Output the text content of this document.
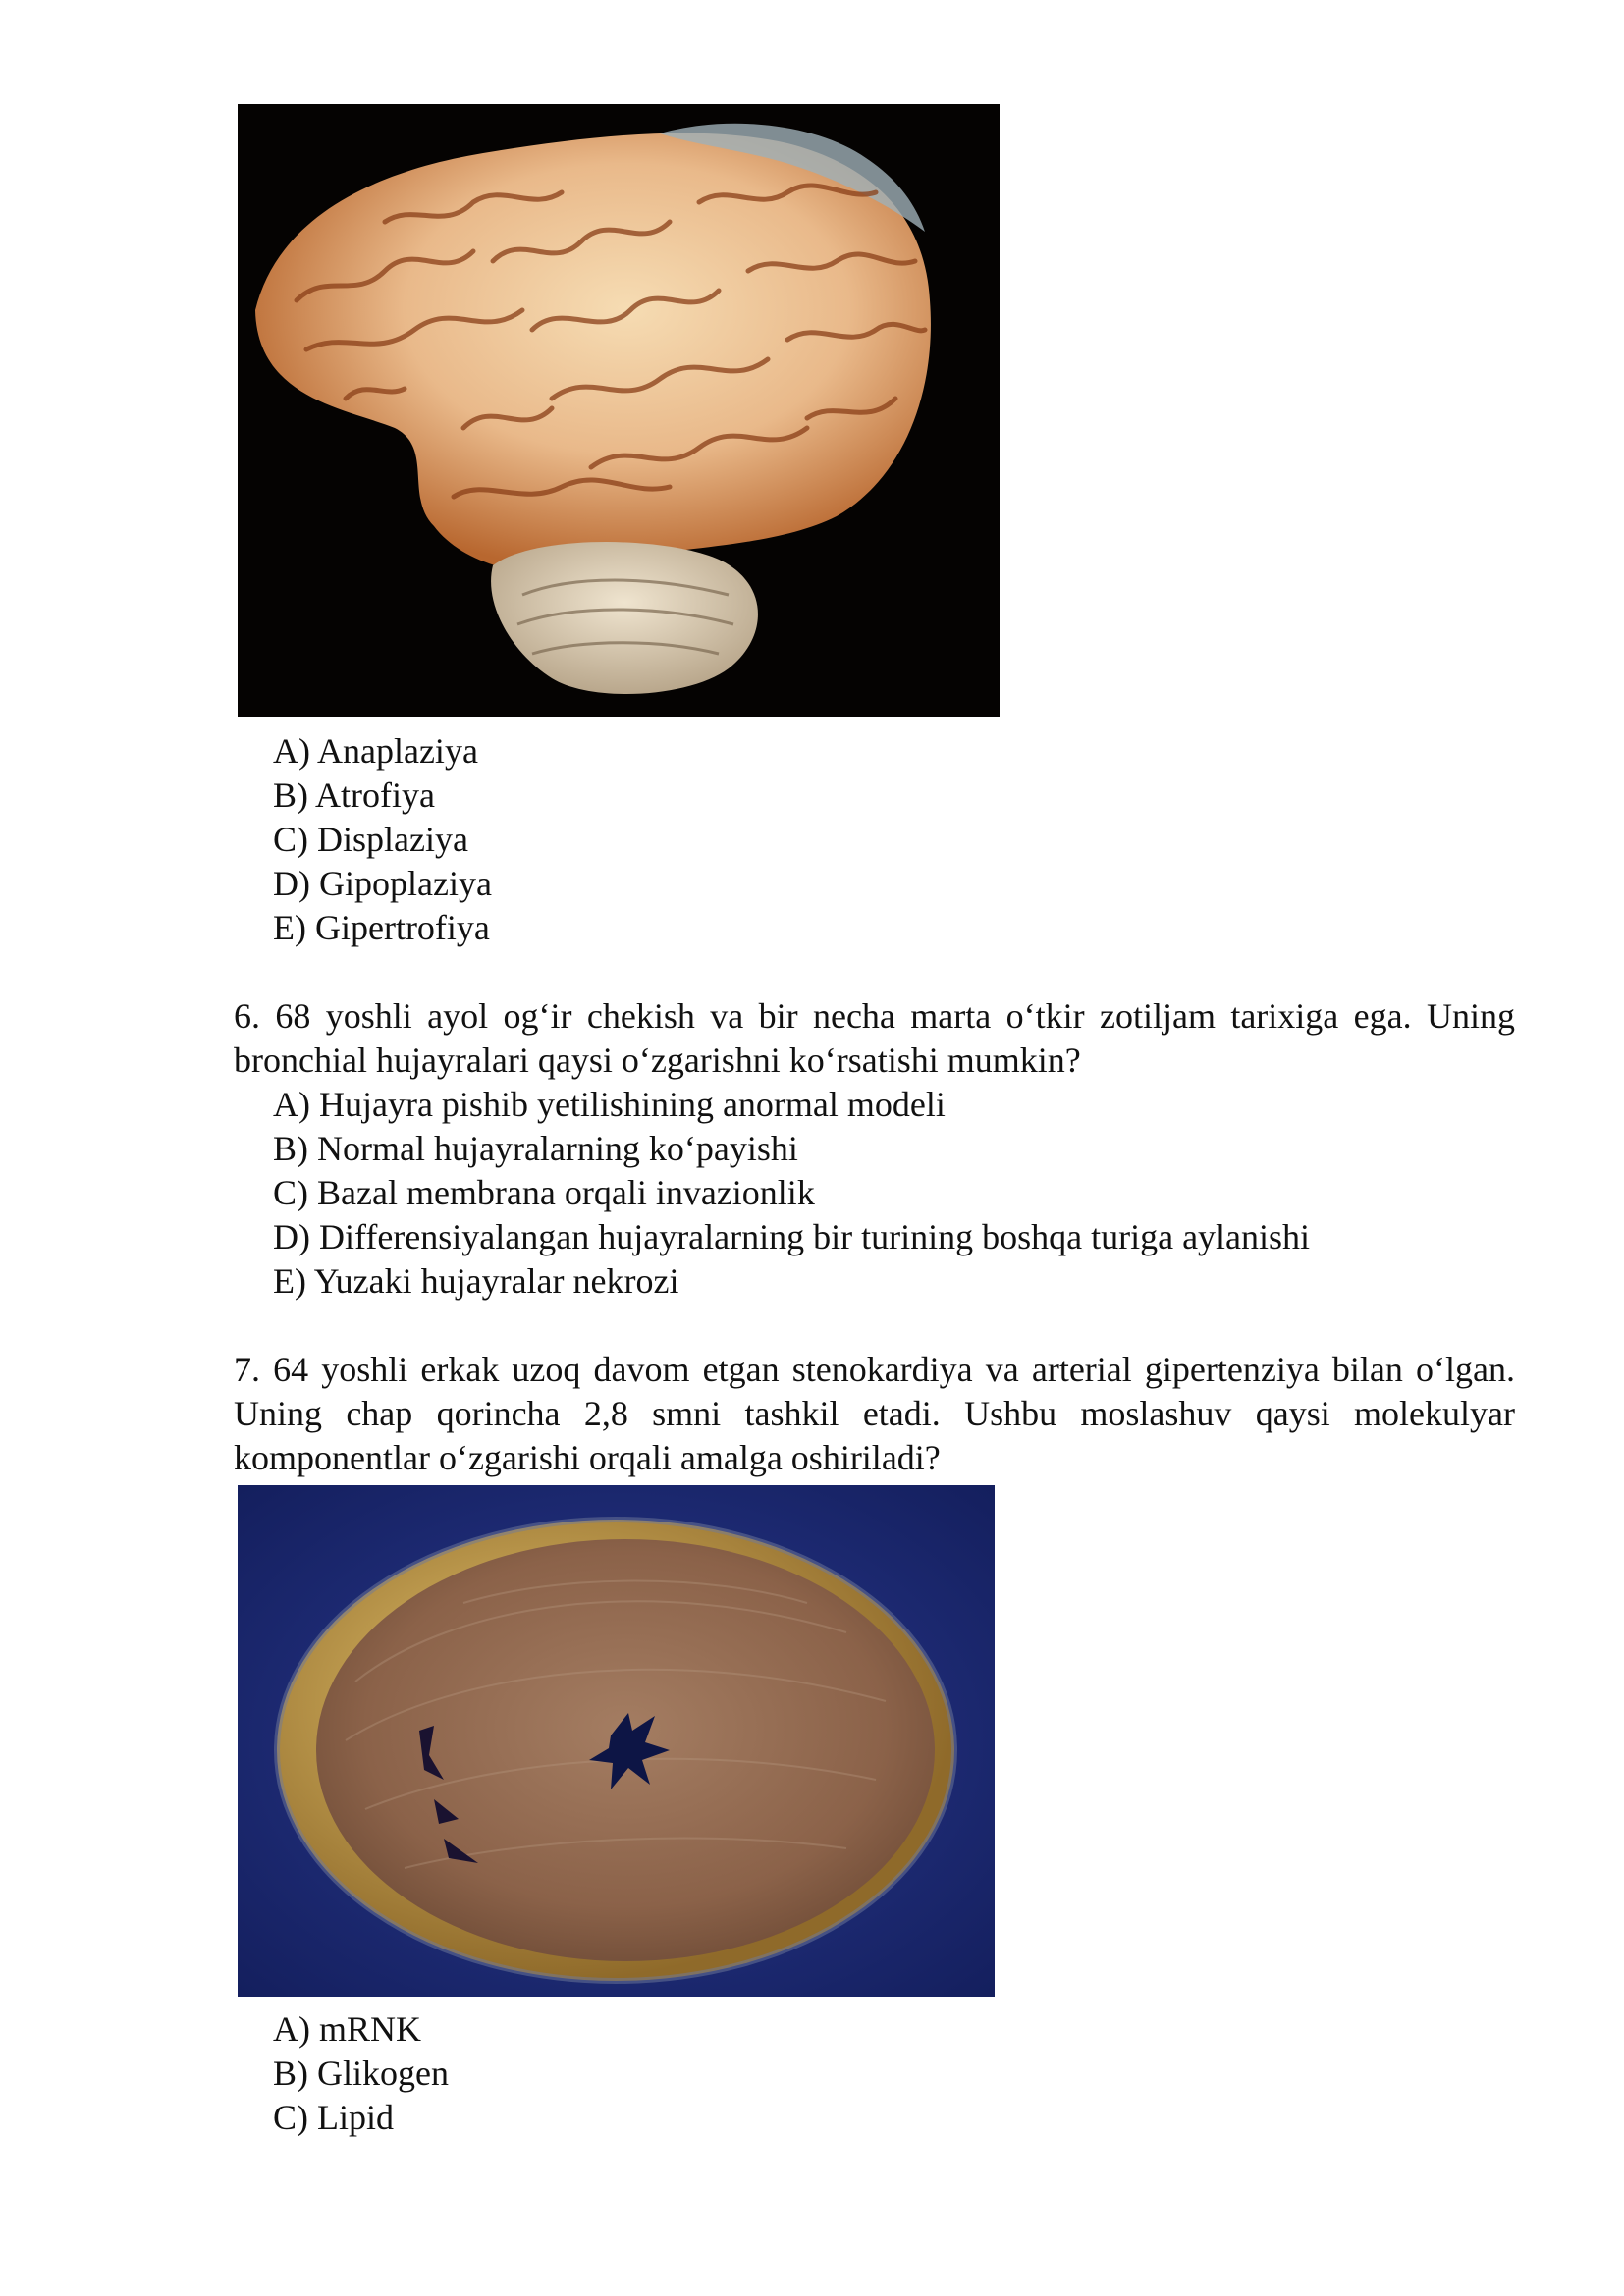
A) Anaplaziya
B) Atrofiya
C) Displaziya
D) Gipoplaziya
E) Gipertrofiya
6. 68 yoshli ayol og‘ir chekish va bir necha marta o‘tkir zotiljam tarixiga ega. Uning bronchial hujayralari qaysi o‘zgarishni ko‘rsatishi mumkin?
A) Hujayra pishib yetilishining anormal modeli
B) Normal hujayralarning ko‘payishi
C) Bazal membrana orqali invazionlik
D) Differensiyalangan hujayralarning bir turining boshqa turiga aylanishi
E) Yuzaki hujayralar nekrozi
7. 64 yoshli erkak uzoq davom etgan stenokardiya va arterial gipertenziya bilan o‘lgan. Uning chap qorincha 2,8 smni tashkil etadi. Ushbu moslashuv qaysi molekulyar komponentlar o‘zgarishi orqali amalga oshiriladi?
A) mRNK
B) Glikogen
C) Lipid
